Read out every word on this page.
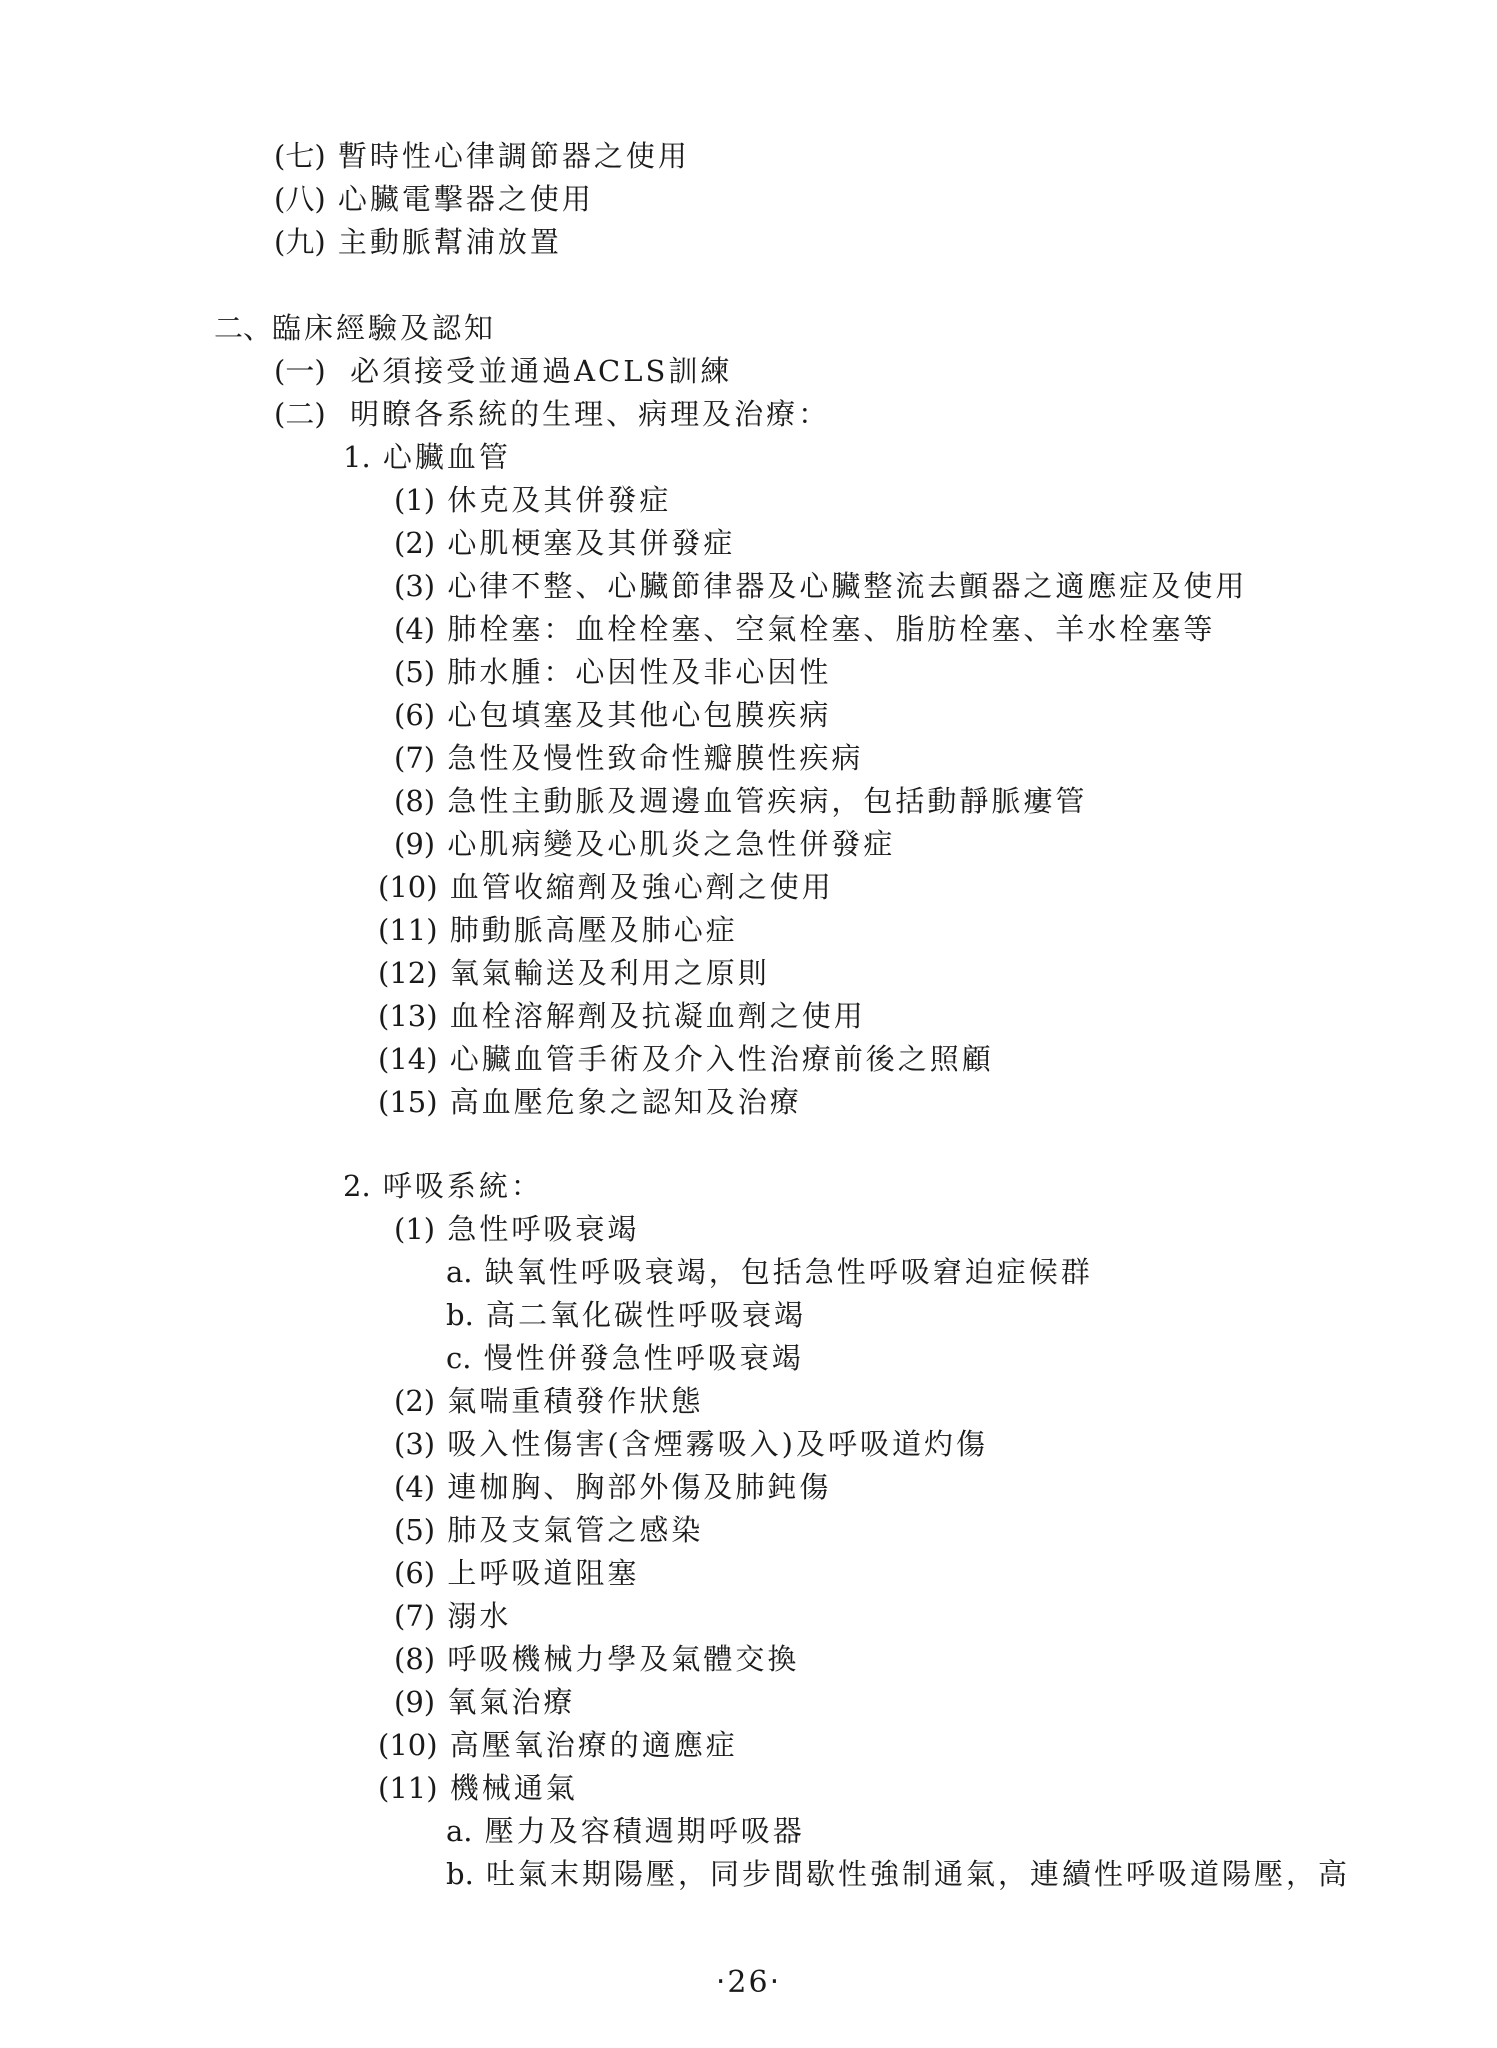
(七) 暫時性心律調節器之使用
(八) 心臟電擊器之使用
(九) 主動脈幫浦放置
二、臨床經驗及認知
(一) 必須接受並通過ACLS訓練
(二) 明瞭各系統的生理、病理及治療：
1. 心臟血管
(1) 休克及其併發症
(2) 心肌梗塞及其併發症
(3) 心律不整、心臟節律器及心臟整流去顫器之適應症及使用
(4) 肺栓塞：血栓栓塞、空氣栓塞、脂肪栓塞、羊水栓塞等
(5) 肺水腫：心因性及非心因性
(6) 心包填塞及其他心包膜疾病
(7) 急性及慢性致命性瓣膜性疾病
(8) 急性主動脈及週邊血管疾病，包括動靜脈瘻管
(9) 心肌病變及心肌炎之急性併發症
(10) 血管收縮劑及強心劑之使用
(11) 肺動脈高壓及肺心症
(12) 氧氣輸送及利用之原則
(13) 血栓溶解劑及抗凝血劑之使用
(14) 心臟血管手術及介入性治療前後之照顧
(15) 高血壓危象之認知及治療
2. 呼吸系統：
(1) 急性呼吸衰竭
a. 缺氧性呼吸衰竭，包括急性呼吸窘迫症候群
b. 高二氧化碳性呼吸衰竭
c. 慢性併發急性呼吸衰竭
(2) 氣喘重積發作狀態
(3) 吸入性傷害(含煙霧吸入)及呼吸道灼傷
(4) 連枷胸、胸部外傷及肺鈍傷
(5) 肺及支氣管之感染
(6) 上呼吸道阻塞
(7) 溺水
(8) 呼吸機械力學及氣體交換
(9) 氧氣治療
(10) 高壓氧治療的適應症
(11) 機械通氣
a. 壓力及容積週期呼吸器
b. 吐氣末期陽壓，同步間歇性強制通氣，連續性呼吸道陽壓，高
‧26‧
